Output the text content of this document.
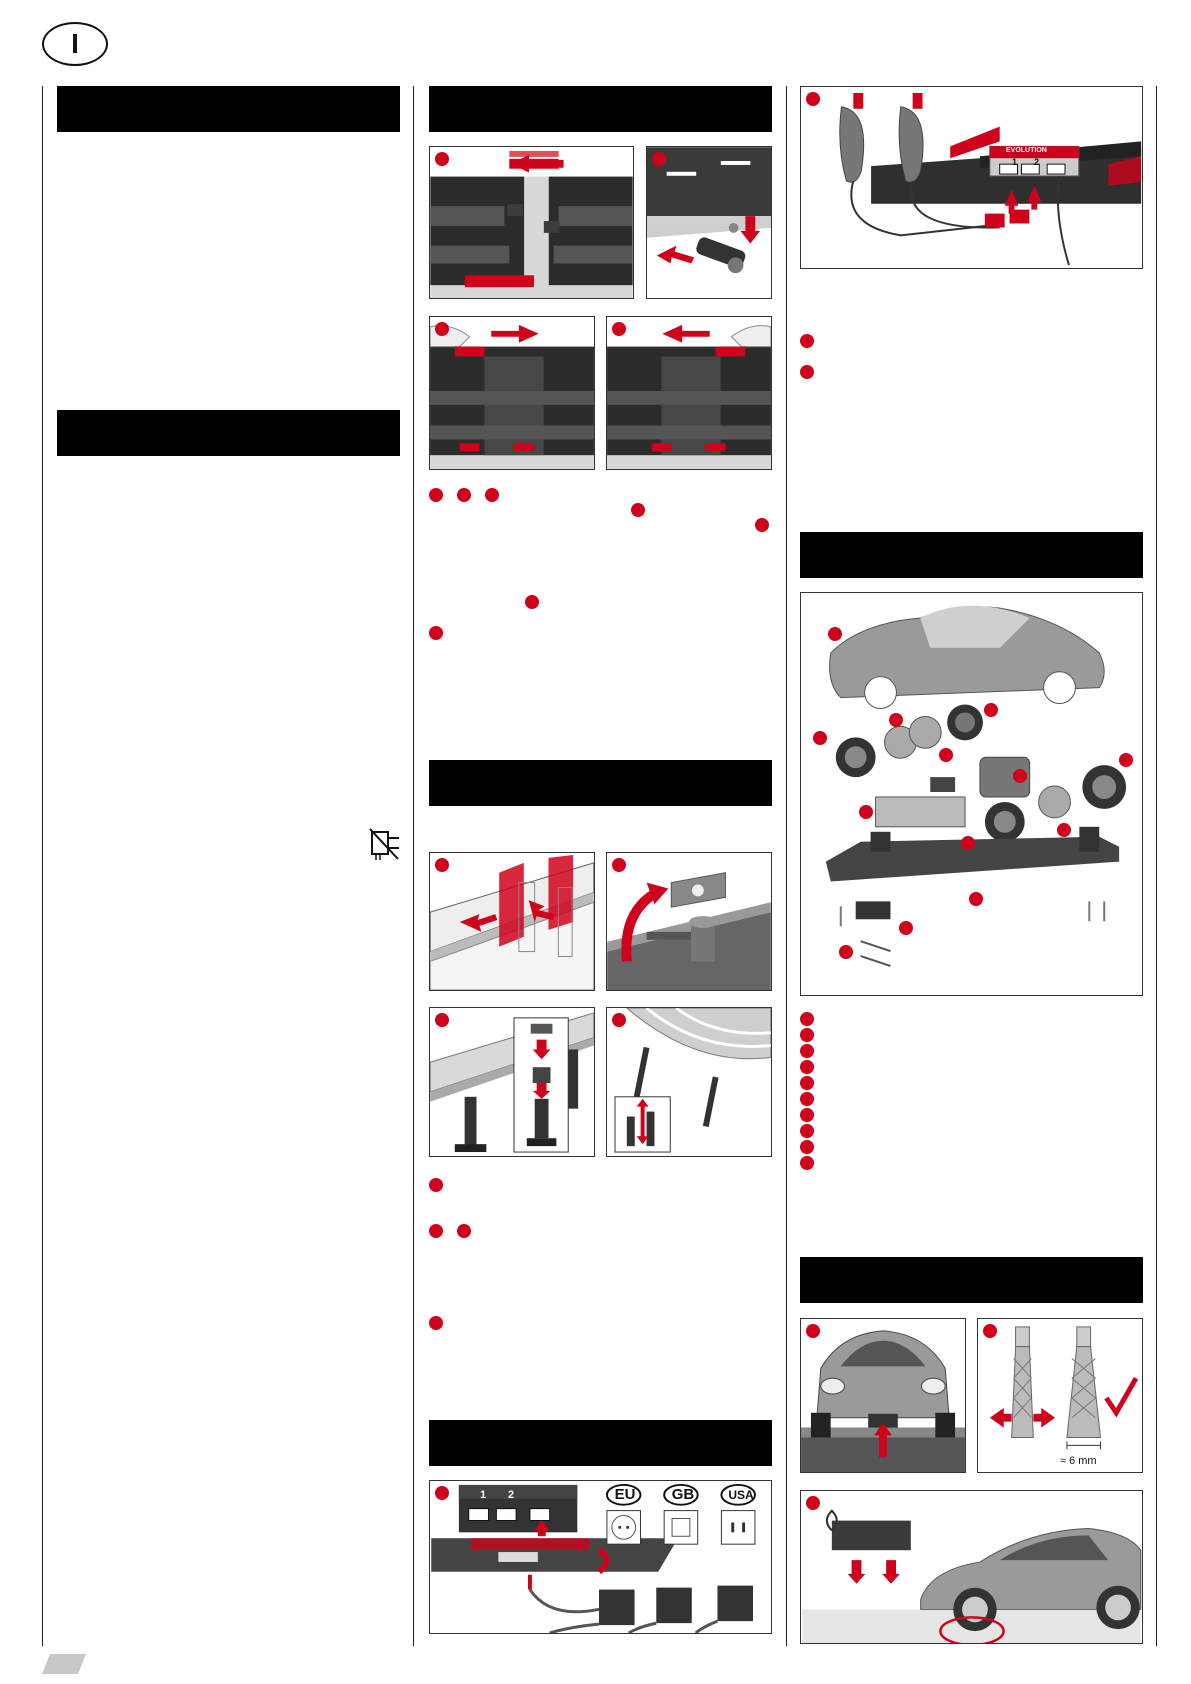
I
1 2	EU	GB	USA
1 2
EVOLUTION
≈ 6 mm
